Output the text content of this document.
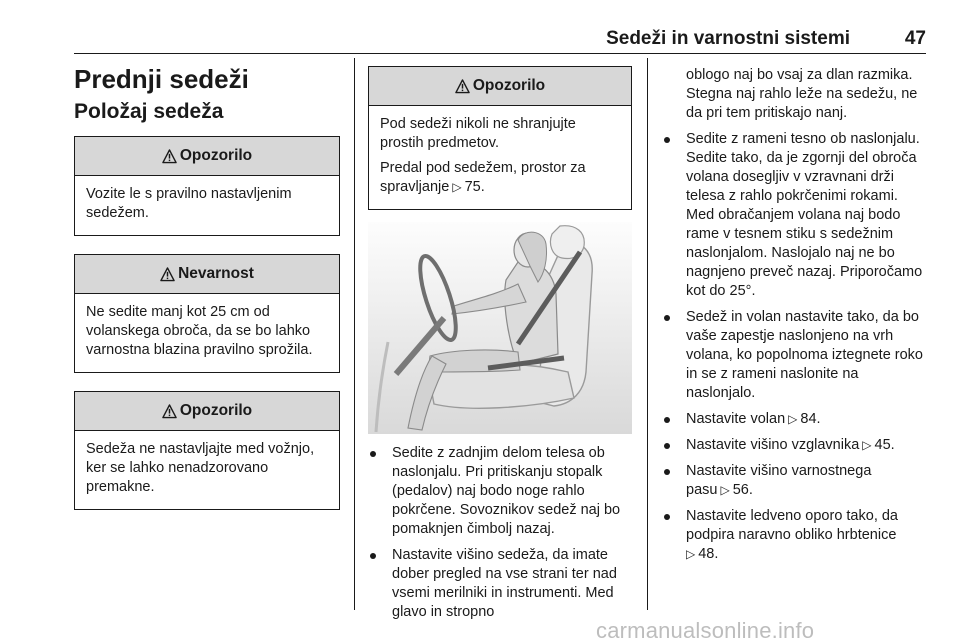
Sedeži in varnostni sistemi	47
Prednji sedeži
Položaj sedeža
Opozorilo

Vozite le s pravilno nastavljenim sedežem.

Nevarnost

Ne sedite manj kot 25 cm od volanskega obroča, da se bo lahko varnostna blazina pravilno sprožila.

Opozorilo

Sedeža ne nastavljajte med vožnjo, ker se lahko nenadzorovano premakne.

Opozorilo

Pod sedeži nikoli ne shranjujte prostih predmetov.

Predal pod sedežem, prostor za spravljanje ▷ 75.

Sedite z zadnjim delom telesa ob naslonjalu. Pri pritiskanju stopalk (pedalov) naj bodo noge rahlo pokrčene. Sovoznikov sedež naj bo pomaknjen čimbolj nazaj.
Nastavite višino sedeža, da imate dober pregled na vse strani ter nad vsemi merilniki in instrumenti. Med glavo in stropno
oblogo naj bo vsaj za dlan razmika. Stegna naj rahlo leže na sedežu, ne da pri tem pritiskajo nanj.
Sedite z rameni tesno ob naslonjalu. Sedite tako, da je zgornji del obroča volana dosegljiv v vzravnani drži telesa z rahlo pokrčenimi rokami. Med obračanjem volana naj bodo rame v tesnem stiku s sedežnim naslonjalom. Naslojalo naj ne bo nagnjeno preveč nazaj. Priporočamo kot do 25°.
Sedež in volan nastavite tako, da bo vaše zapestje naslonjeno na vrh volana, ko popolnoma iztegnete roko in se z rameni naslonite na naslonjalo.
Nastavite volan ▷ 84.
Nastavite višino vzglavnika ▷ 45.
Nastavite višino varnostnega pasu ▷ 56.
Nastavite ledveno oporo tako, da podpira naravno obliko hrbtenice
▷ 48.
carmanualsonline.info
